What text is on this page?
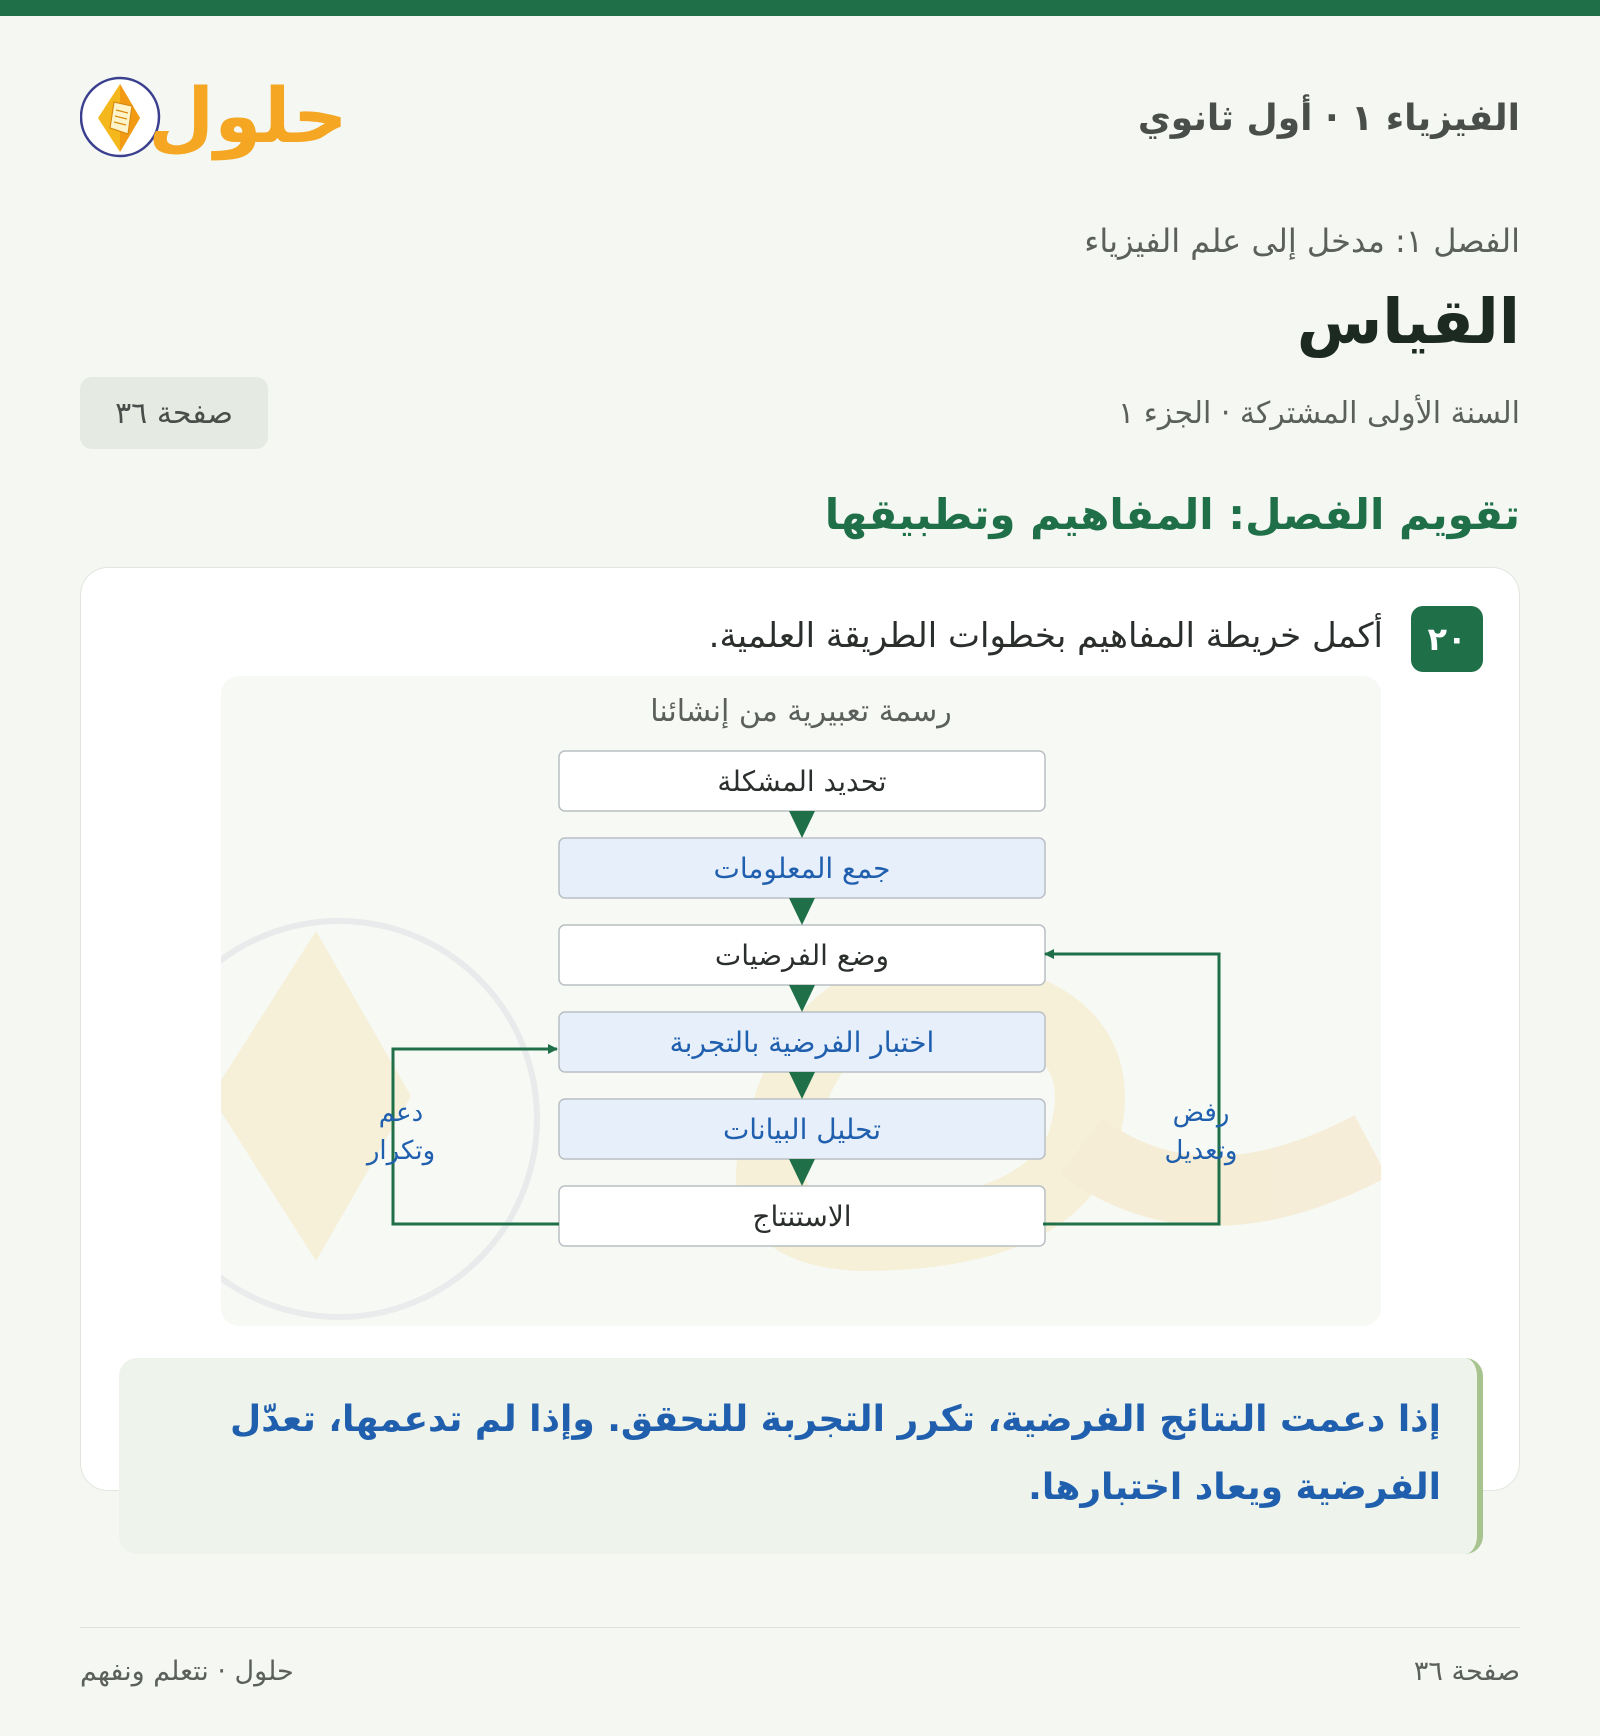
الفيزياء ١ · أول ثانوي
حلول
الفصل ١: مدخل إلى علم الفيزياء
القياس
السنة الأولى المشتركة · الجزء ١
صفحة ٣٦
تقويم الفصل: المفاهيم وتطبيقها
٢٠
أكمل خريطة المفاهيم بخطوات الطريقة العلمية.
تحديد المشكلة
جمع المعلومات
وضع الفرضيات
اختبار الفرضية بالتجربة
تحليل البيانات
الاستنتاج
دعم
وتكرار
رفض
وتعديل
رسمة تعبيرية من إنشائنا
إذا دعمت النتائج الفرضية، تكرر التجربة للتحقق. وإذا لم تدعمها، تعدّل الفرضية ويعاد اختبارها.
حلول · نتعلم ونفهم	صفحة ٣٦
